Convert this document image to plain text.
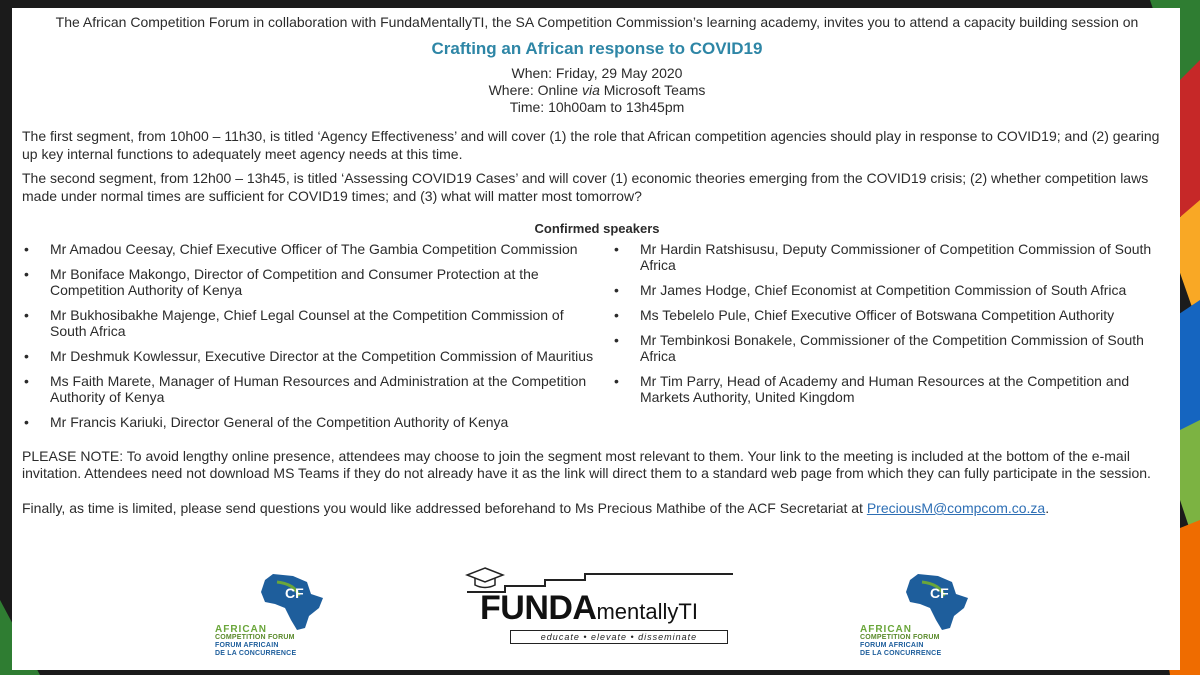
The African Competition Forum in collaboration with FundaMentallyTI, the SA Competition Commission’s learning academy, invites you to attend a capacity building session on

Crafting an African response to COVID19
When: Friday, 29 May 2020
Where: Online via Microsoft Teams
Time: 10h00am to 13h45pm

The first segment, from 10h00 – 11h30, is titled ‘Agency Effectiveness’ and will cover (1) the role that African competition agencies should play in response to COVID19; and (2) gearing up key internal functions to adequately meet agency needs at this time.

The second segment, from 12h00 – 13h45, is titled ‘Assessing COVID19 Cases’ and will cover (1) economic theories emerging from the COVID19 crisis; (2) whether competition laws made under normal times are sufficient for COVID19 times; and (3) what will matter most tomorrow?

Confirmed speakers
• Mr Amadou Ceesay, Chief Executive Officer of The Gambia Competition Commission
• Mr Boniface Makongo, Director of Competition and Consumer Protection at the Competition Authority of Kenya
• Mr Bukhosibakhe Majenge, Chief Legal Counsel at the Competition Commission of South Africa
• Mr Deshmuk Kowlessur, Executive Director at the Competition Commission of Mauritius
• Ms Faith Marete, Manager of Human Resources and Administration at the Competition Authority of Kenya
• Mr Francis Kariuki, Director General of the Competition Authority of Kenya
• Mr Hardin Ratshisusu, Deputy Commissioner of Competition Commission of South Africa
• Mr James Hodge, Chief Economist at Competition Commission of South Africa
• Ms Tebelelo Pule, Chief Executive Officer of Botswana Competition Authority
• Mr Tembinkosi Bonakele, Commissioner of the Competition Commission of South Africa
• Mr Tim Parry, Head of Academy and Human Resources at the Competition and Markets Authority, United Kingdom

PLEASE NOTE: To avoid lengthy online presence, attendees may choose to join the segment most relevant to them. Your link to the meeting is included at the bottom of the e-mail invitation. Attendees need not download MS Teams if they do not already have it as the link will direct them to a standard web page from which they can fully participate in the session.

Finally, as time is limited, please send questions you would like addressed beforehand to Ms Precious Mathibe of the ACF Secretariat at PreciousM@compcom.co.za.

CF
AFRICAN
COMPETITION FORUM
FORUM AFRICAIN
DE LA CONCURRENCE
FUNDAmentallyTI
educate • elevate • disseminate
CF
AFRICAN
COMPETITION FORUM
FORUM AFRICAIN
DE LA CONCURRENCE
